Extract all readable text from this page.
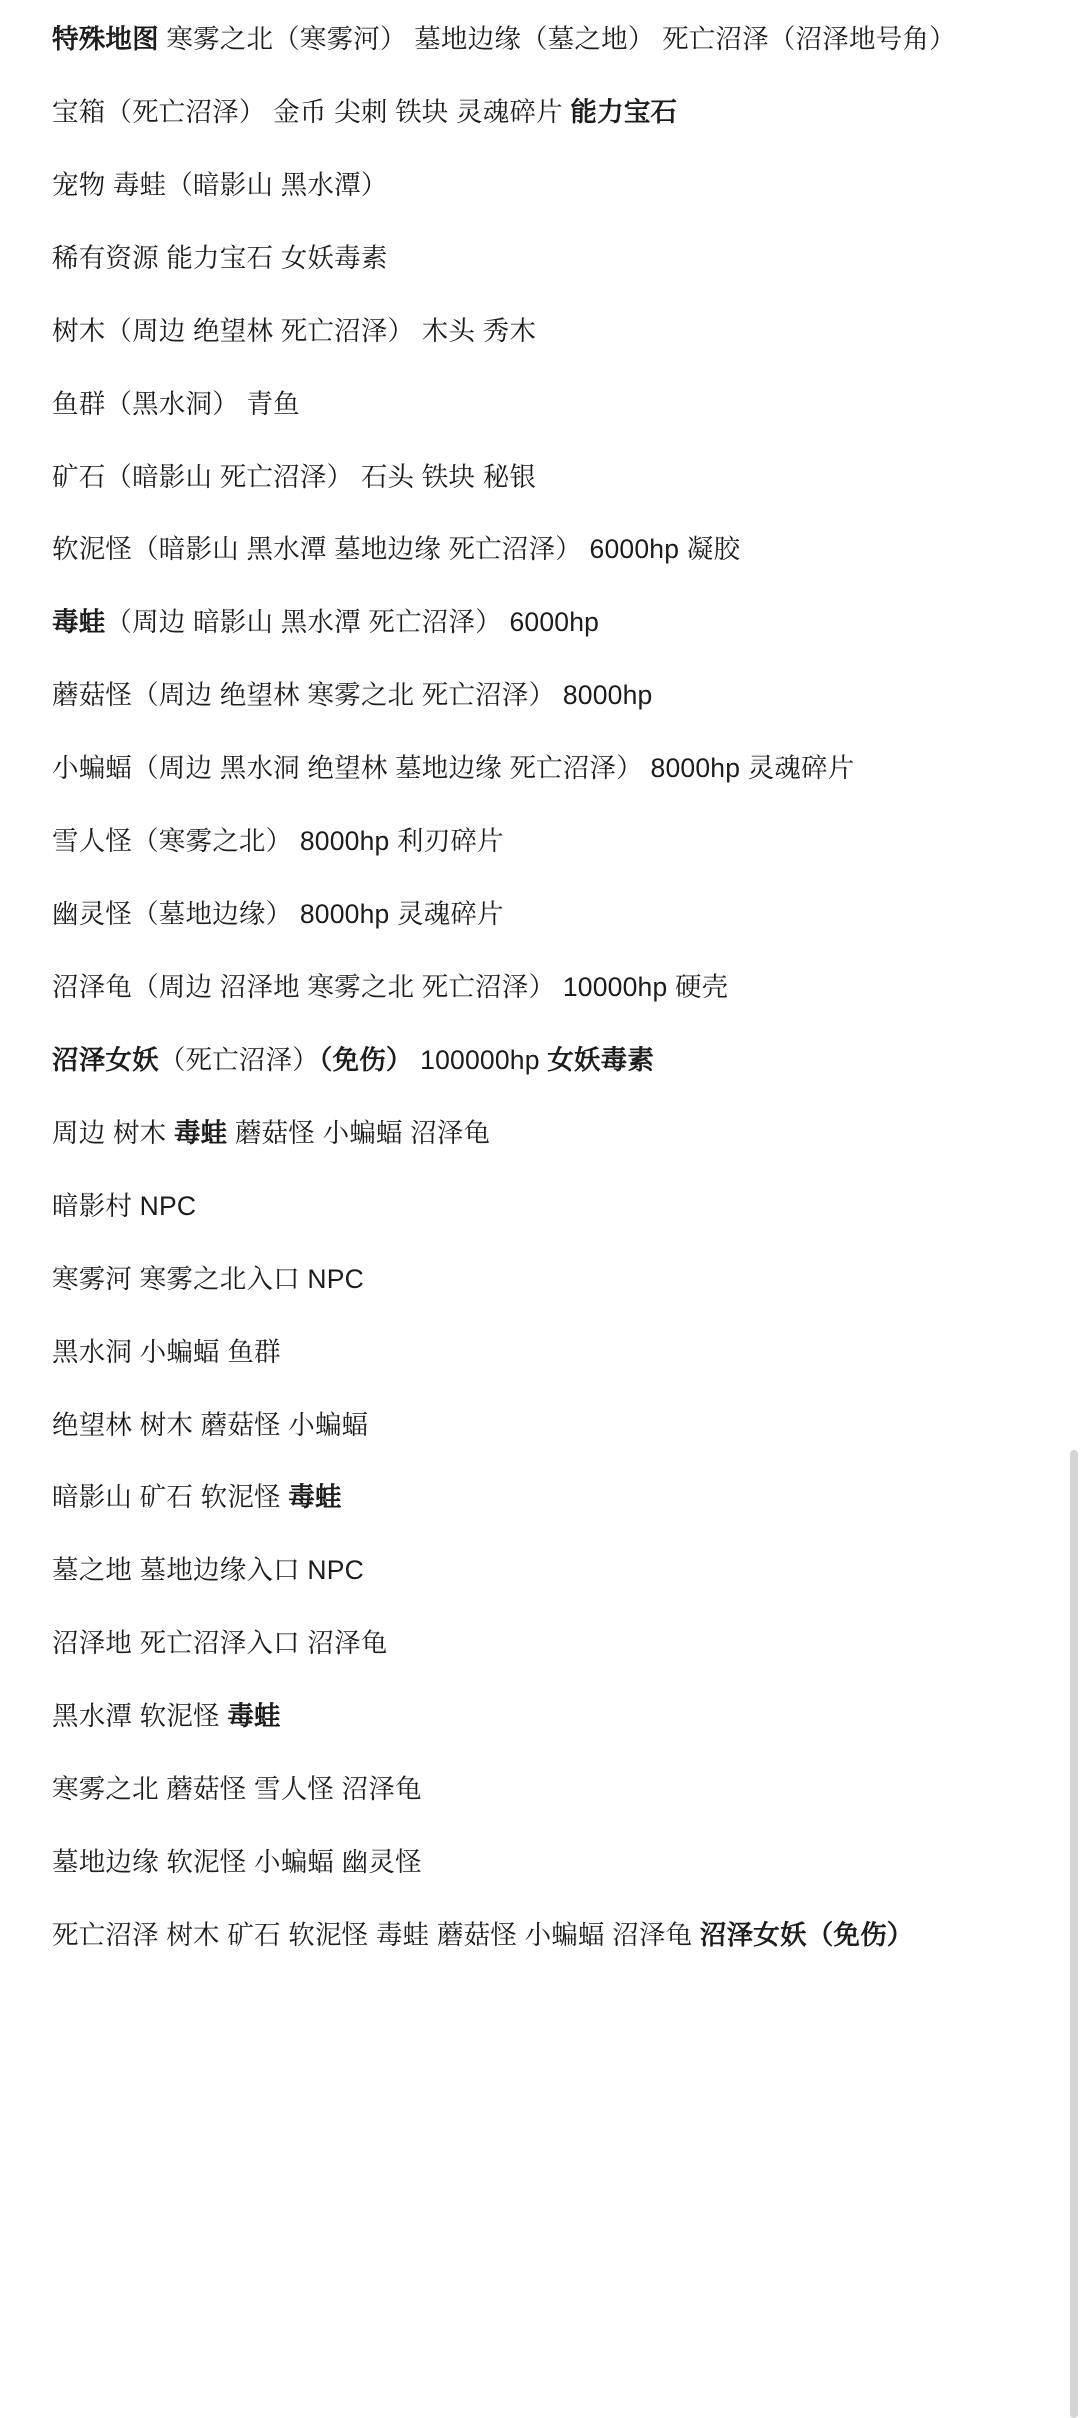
特殊地图 寒雾之北（寒雾河） 墓地边缘（墓之地） 死亡沼泽（沼泽地号角）

宝箱（死亡沼泽） 金币 尖刺 铁块 灵魂碎片 能力宝石

宠物 毒蛙（暗影山 黑水潭）

稀有资源 能力宝石 女妖毒素

树木（周边 绝望林 死亡沼泽） 木头 秀木

鱼群（黑水洞） 青鱼

矿石（暗影山 死亡沼泽） 石头 铁块 秘银

软泥怪（暗影山 黑水潭 墓地边缘 死亡沼泽） 6000hp 凝胶

毒蛙（周边 暗影山 黑水潭 死亡沼泽） 6000hp

蘑菇怪（周边 绝望林 寒雾之北 死亡沼泽） 8000hp

小蝙蝠（周边 黑水洞 绝望林 墓地边缘 死亡沼泽） 8000hp 灵魂碎片

雪人怪（寒雾之北） 8000hp 利刃碎片

幽灵怪（墓地边缘） 8000hp 灵魂碎片

沼泽龟（周边 沼泽地 寒雾之北 死亡沼泽） 10000hp 硬壳

沼泽女妖（死亡沼泽）（免伤） 100000hp 女妖毒素

周边 树木 毒蛙 蘑菇怪 小蝙蝠 沼泽龟

暗影村 NPC

寒雾河 寒雾之北入口 NPC

黑水洞 小蝙蝠 鱼群

绝望林 树木 蘑菇怪 小蝙蝠

暗影山 矿石 软泥怪 毒蛙

墓之地 墓地边缘入口 NPC

沼泽地 死亡沼泽入口 沼泽龟

黑水潭 软泥怪 毒蛙

寒雾之北 蘑菇怪 雪人怪 沼泽龟

墓地边缘 软泥怪 小蝙蝠 幽灵怪

死亡沼泽 树木 矿石 软泥怪 毒蛙 蘑菇怪 小蝙蝠 沼泽龟 沼泽女妖（免伤）
